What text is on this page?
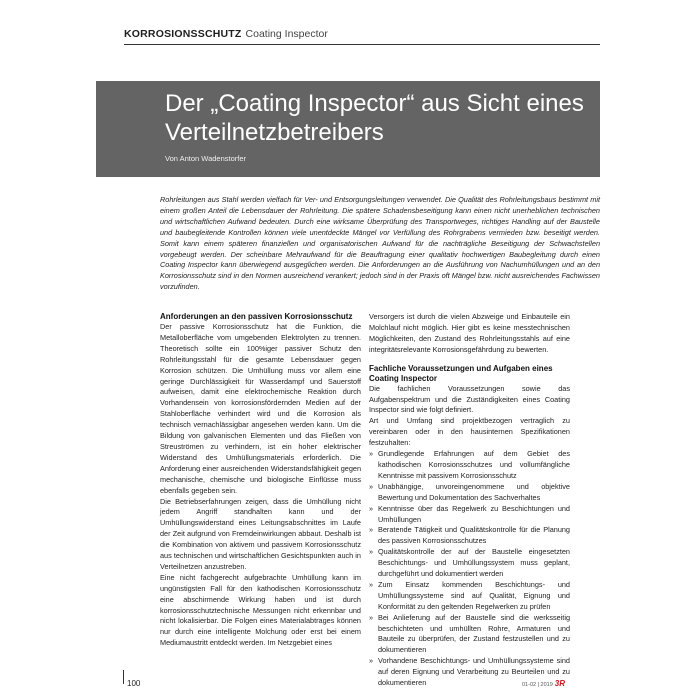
KORROSIONSSCHUTZ Coating Inspector
Der „Coating Inspector“ aus Sicht eines Verteilnetzbetreibers
Von Anton Wadenstorfer

Rohrleitungen aus Stahl werden vielfach für Ver- und Entsorgungsleitungen verwendet. Die Qualität des Rohrleitungsbaus bestimmt mit einem großen Anteil die Lebensdauer der Rohrleitung. Die spätere Schadensbeseitigung kann einen nicht unerheblichen technischen und wirtschaftlichen Aufwand bedeuten. Durch eine wirksame Überprüfung des Transportweges, richtiges Handling auf der Baustelle und baubegleitende Kontrollen können viele unentdeckte Mängel vor Verfüllung des Rohrgrabens vermieden bzw. beseitigt werden. Somit kann einem späteren finanziellen und organisatorischen Aufwand für die nachträgliche Beseitigung der Schwachstellen vorgebeugt werden. Der scheinbare Mehraufwand für die Beauftragung einer qualitativ hochwertigen Baubegleitung durch einen Coating Inspector kann überwiegend ausgeglichen werden. Die Anforderungen an die Ausführung von Nachumhüllungen und an den Korrosionsschutz sind in den Normen ausreichend verankert; jedoch sind in der Praxis oft Mängel bzw. nicht ausreichendes Fachwissen vorzufinden.

Anforderungen an den passiven Korrosionsschutz

Der passive Korrosionsschutz hat die Funktion, die Metalloberfläche vom umgebenden Elektrolyten zu trennen. Theoretisch sollte ein 100%iger passiver Schutz den Rohrleitungsstahl für die gesamte Lebensdauer gegen Korrosion schützen. Die Umhüllung muss vor allem eine geringe Durchlässigkeit für Wasserdampf und Sauerstoff aufweisen, damit eine elektrochemische Reaktion durch Vorhandensein von korrosionsfördernden Medien auf der Stahloberfläche verhindert wird und die Korrosion als technisch vernachlässigbar angesehen werden kann. Um die Bildung von galvanischen Elementen und das Fließen von Streuströmen zu verhindern, ist ein hoher elektrischer Widerstand des Umhüllungsmaterials erforderlich. Die Anforderung einer ausreichenden Widerstandsfähigkeit gegen mechanische, chemische und biologische Einflüsse muss ebenfalls gegeben sein.

Die Betriebserfahrungen zeigen, dass die Umhüllung nicht jedem Angriff standhalten kann und der Umhüllungswiderstand eines Leitungsabschnittes im Laufe der Zeit aufgrund von Fremdeinwirkungen abbaut. Deshalb ist die Kombination von aktivem und passivem Korrosionsschutz aus technischen und wirtschaftlichen Gesichtspunkten auch in Verteilnetzen anzustreben.

Eine nicht fachgerecht aufgebrachte Umhüllung kann im ungünstigsten Fall für den kathodischen Korrosionsschutz eine abschirmende Wirkung haben und ist durch korrosionsschutztechnische Messungen nicht erkennbar und nicht lokalisierbar. Die Folgen eines Materialabtrages können nur durch eine intelligente Molchung oder erst bei einem Mediumaustritt entdeckt werden. Im Netzgebiet eines

Versorgers ist durch die vielen Abzweige und Einbauteile ein Molchlauf nicht möglich. Hier gibt es keine messtechnischen Möglichkeiten, den Zustand des Rohrleitungsstahls auf eine integritätsrelevante Korrosionsgefährdung zu bewerten.

Fachliche Voraussetzungen und Aufgaben eines Coating Inspector

Die fachlichen Voraussetzungen sowie das Aufgabenspektrum und die Zuständigkeiten eines Coating Inspector sind wie folgt definiert.

Art und Umfang sind projektbezogen vertraglich zu vereinbaren oder in den hausinternen Spezifikationen festzuhalten:

» Grundlegende Erfahrungen auf dem Gebiet des kathodischen Korrosionsschutzes und vollumfängliche Kenntnisse mit passivem Korrosionsschutz
» Unabhängige, unvoreingenommene und objektive Bewertung und Dokumentation des Sachverhaltes
» Kenntnisse über das Regelwerk zu Beschichtungen und Umhüllungen
» Beratende Tätigkeit und Qualitätskontrolle für die Planung des passiven Korrosionsschutzes
» Qualitätskontrolle der auf der Baustelle eingesetzten Beschichtungs- und Umhüllungssystem muss geplant, durchgeführt und dokumentiert werden
» Zum Einsatz kommenden Beschichtungs- und Umhüllungssysteme sind auf Qualität, Eignung und Konformität zu den geltenden Regelwerken zu prüfen
» Bei Anlieferung auf der Baustelle sind die werksseitig beschichteten und umhüllten Rohre, Armaturen und Bauteile zu überprüfen, der Zustand festzustellen und zu dokumentieren
» Vorhandene Beschichtungs- und Umhüllungssysteme sind auf deren Eignung und Verarbeitung zu Beurteilen und zu dokumentieren
100	01-02 | 2019 3R
